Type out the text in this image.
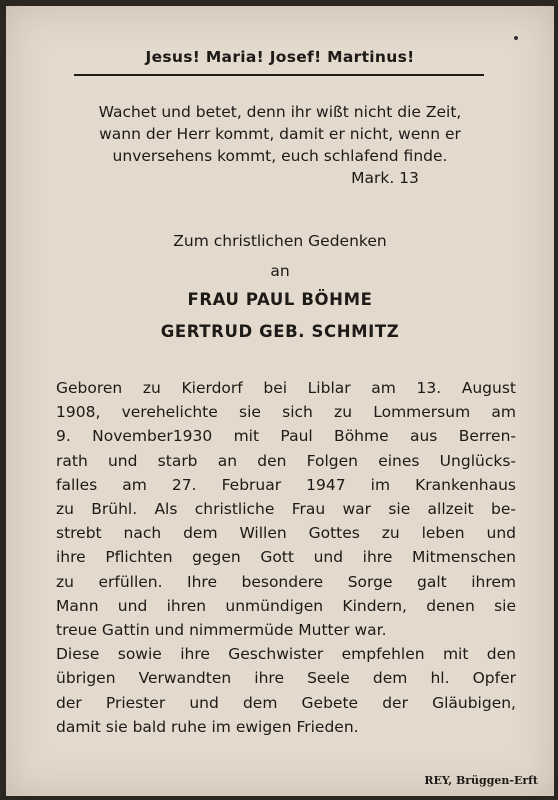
Jesus! Maria! Josef! Martinus!
Wachet und betet, denn ihr wißt nicht die Zeit,
wann der Herr kommt, damit er nicht, wenn er
unversehens kommt, euch schlafend finde.
Mark. 13
Zum christlichen Gedenken
an
FRAU PAUL BÖHME
GERTRUD GEB. SCHMITZ
Geboren zu Kierdorf bei Liblar am 13. August
1908, verehelichte sie sich zu Lommersum am
9. November1930 mit Paul Böhme aus Berren-
rath und starb an den Folgen eines Unglücks-
falles am 27. Februar 1947 im Krankenhaus
zu Brühl. Als christliche Frau war sie allzeit be-
strebt nach dem Willen Gottes zu leben und
ihre Pflichten gegen Gott und ihre Mitmenschen
zu erfüllen. Ihre besondere Sorge galt ihrem
Mann und ihren unmündigen Kindern, denen sie
treue Gattin und nimmermüde Mutter war.
Diese sowie ihre Geschwister empfehlen mit den
übrigen Verwandten ihre Seele dem hl. Opfer
der Priester und dem Gebete der Gläubigen,
damit sie bald ruhe im ewigen Frieden.
REY, Brüggen-Erft
